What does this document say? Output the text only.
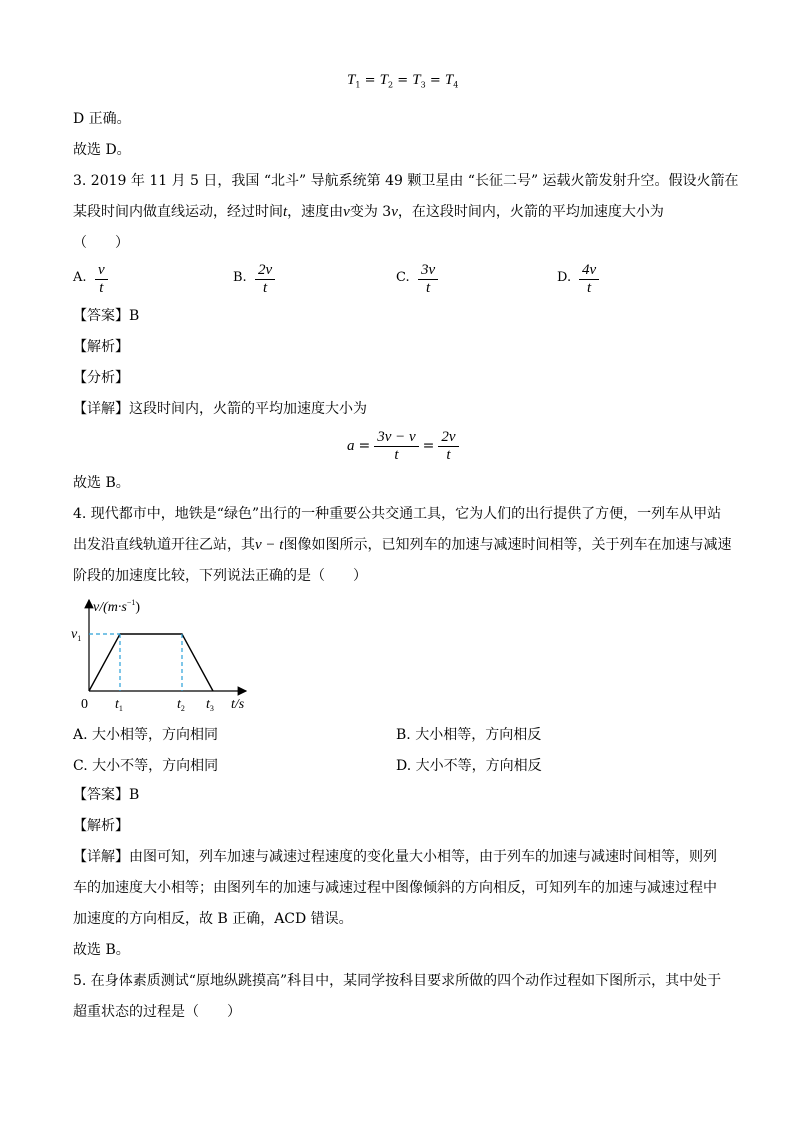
$T_1 = T_2 = T_3 = T_4$
D 正确。
故选 D。
3. 2019 年 11 月 5 日，我国 “北斗” 导航系统第 49 颗卫星由 “长征二号” 运载火箭发射升空。假设火箭在
某段时间内做直线运动，经过时间t，速度由v变为 3v，在这段时间内，火箭的平均加速度大小为
（　　）
A. $\frac{v}{t}$	B. $\frac{2v}{t}$	C. $\frac{3v}{t}$	D. $\frac{4v}{t}$
【答案】B
【解析】
【分析】
【详解】这段时间内，火箭的平均加速度大小为
$a = \frac{3v - v}{t} = \frac{2v}{t}$
故选 B。
4. 现代都市中，地铁是“绿色”出行的一种重要公共交通工具，它为人们的出行提供了方便，一列车从甲站
出发沿直线轨道开往乙站，其v − t图像如图所示，已知列车的加速与减速时间相等，关于列车在加速与减速
阶段的加速度比较，下列说法正确的是（　　）
$v/(m\cdot s^{-1})$
$v_1$
0 $t_1$	$t_2$ $t_3$ t/s
A. 大小相等，方向相同	B. 大小相等，方向相反
C. 大小不等，方向相同	D. 大小不等，方向相反
【答案】B
【解析】
【详解】由图可知，列车加速与减速过程速度的变化量大小相等，由于列车的加速与减速时间相等，则列
车的加速度大小相等；由图列车的加速与减速过程中图像倾斜的方向相反，可知列车的加速与减速过程中
加速度的方向相反，故 B 正确，ACD 错误。
故选 B。
5. 在身体素质测试“原地纵跳摸高”科目中，某同学按科目要求所做的四个动作过程如下图所示，其中处于
超重状态的过程是（　　）
